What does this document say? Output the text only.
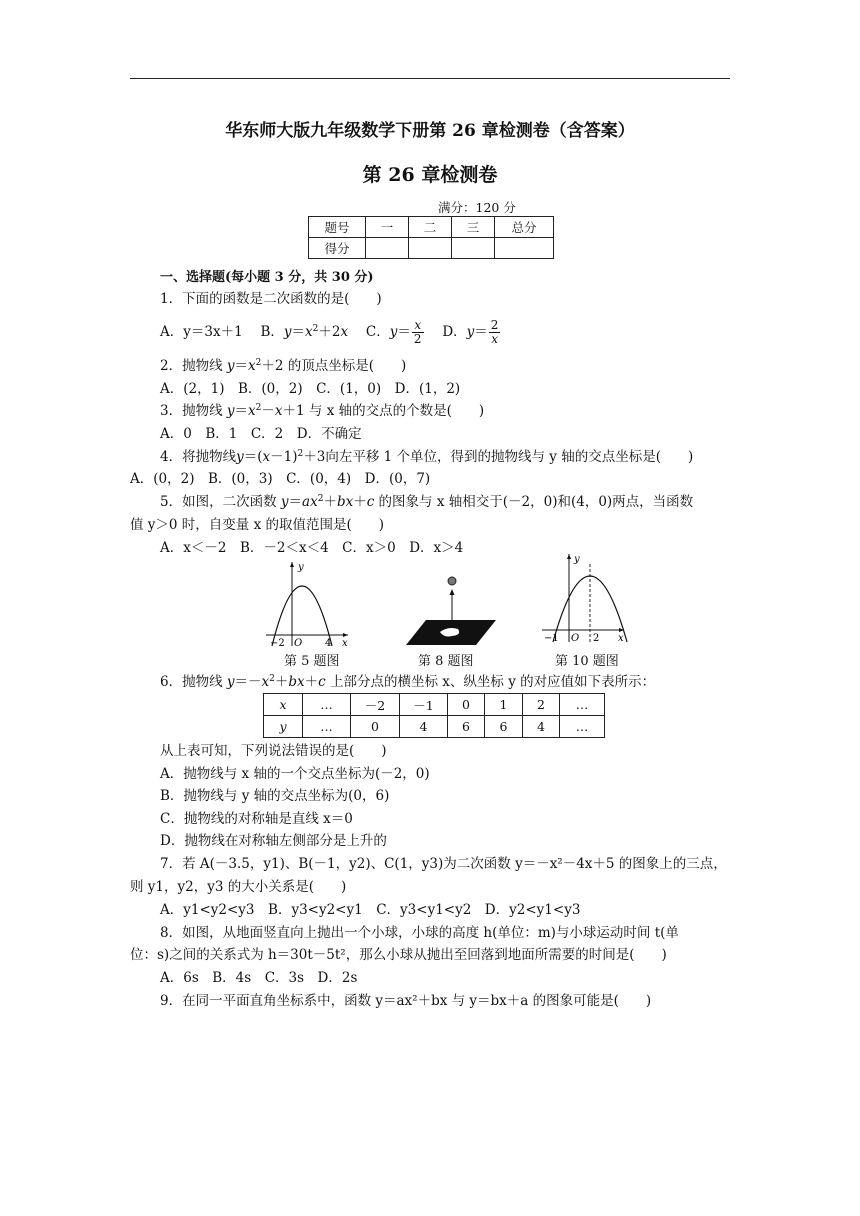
华东师大版九年级数学下册第 26 章检测卷（含答案）
第 26 章检测卷
满分：120 分
题号	一	二	三	总分
得分				
一、选择题(每小题 3 分，共 30 分)
1．下面的函数是二次函数的是(　　)
A．y＝3x＋1　 B．$y=x^2+2x$　 C．$y= \frac{x}{2}$
　 D．$y= \frac{2}{x}$
2．抛物线 $y=x^2+2$ 的顶点坐标是(　　)
A．(2，1)　B．(0，2)　C．(1，0)　D．(1，2)
3．抛物线 $y=x^2-x+1$ 与 x 轴的交点的个数是(　　)
A．0　B．1　C．2　D．不确定
4．将抛物线$y=(x-1)^2+3$向左平移 1 个单位，得到的抛物线与 y 轴的交点坐标是(　　)
A．(0，2)　B．(0，3)　C．(0，4)　D．(0，7)
5．如图，二次函数 $y=ax^2+bx+c$ 的图象与 x 轴相交于(－2，0)和(4，0)两点，当函数
值 y＞0 时，自变量 x 的取值范围是(　　)
A．x＜－2　B．－2＜x＜4　C．x＞0　D．x＞4
y
x
O
−2	4
第 5 题图	第 8 题图
y
x
O
−1	2
第 10 题图
6．抛物线 $y=-x^2+bx+c$ 上部分点的横坐标 x、纵坐标 y 的对应值如下表所示：
x	…	－2	－1	0	1	2	…
y	…	0	4	6	6	4	…
从上表可知，下列说法错误的是(　　)
A．抛物线与 x 轴的一个交点坐标为(－2，0)
B．抛物线与 y 轴的交点坐标为(0，6)
C．抛物线的对称轴是直线 x＝0
D．抛物线在对称轴左侧部分是上升的
7．若 A(－3.5，y1)、B(－1，y2)、C(1，y3)为二次函数 y＝－x²－4x＋5 的图象上的三点，
则 y1，y2，y3 的大小关系是(　　)
A．y1<y2<y3　B．y3<y2<y1　C．y3<y1<y2　D．y2<y1<y3
8．如图，从地面竖直向上抛出一个小球，小球的高度 h(单位：m)与小球运动时间 t(单
位：s)之间的关系式为 h＝30t－5t²，那么小球从抛出至回落到地面所需要的时间是(　　)
A．6s　B．4s　C．3s　D．2s
9．在同一平面直角坐标系中，函数 y＝ax²＋bx 与 y＝bx＋a 的图象可能是(　　)
